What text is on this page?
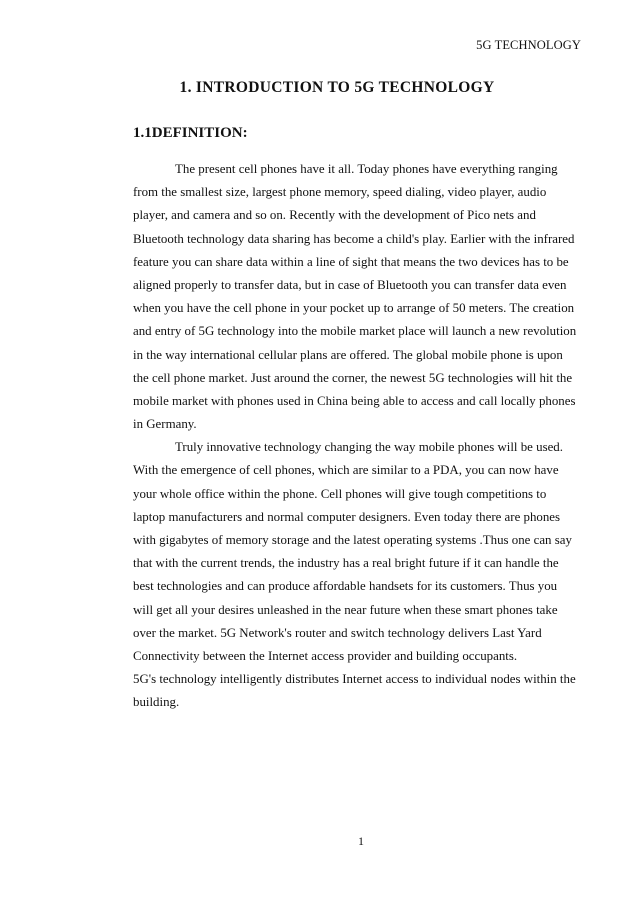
5G TECHNOLOGY
1. INTRODUCTION TO 5G TECHNOLOGY
1.1DEFINITION:
The present cell phones have it all. Today phones have everything ranging
from the smallest size, largest phone memory, speed dialing, video player, audio
player, and camera and so on. Recently with the development of Pico nets and
Bluetooth technology data sharing has become a child's play. Earlier with the infrared
feature you can share data within a line of sight that means the two devices has to be
aligned properly to transfer data, but in case of Bluetooth you can transfer data even
when you have the cell phone in your pocket up to arrange of 50 meters. The creation
and entry of 5G technology into the mobile market place will launch a new revolution
in the way international cellular plans are offered. The global mobile phone is upon
the cell phone market. Just around the corner, the newest 5G technologies will hit the
mobile market with phones used in China being able to access and call locally phones
in Germany.
Truly innovative technology changing the way mobile phones will be used.
With the emergence of cell phones, which are similar to a PDA, you can now have
your whole office within the phone. Cell phones will give tough competitions to
laptop manufacturers and normal computer designers. Even today there are phones
with gigabytes of memory storage and the latest operating systems .Thus one can say
that with the current trends, the industry has a real bright future if it can handle the
best technologies and can produce affordable handsets for its customers. Thus you
will get all your desires unleashed in the near future when these smart phones take
over the market. 5G Network's router and switch technology delivers Last Yard
Connectivity between the Internet access provider and building occupants.
5G's technology intelligently distributes Internet access to individual nodes within the
building.
1
